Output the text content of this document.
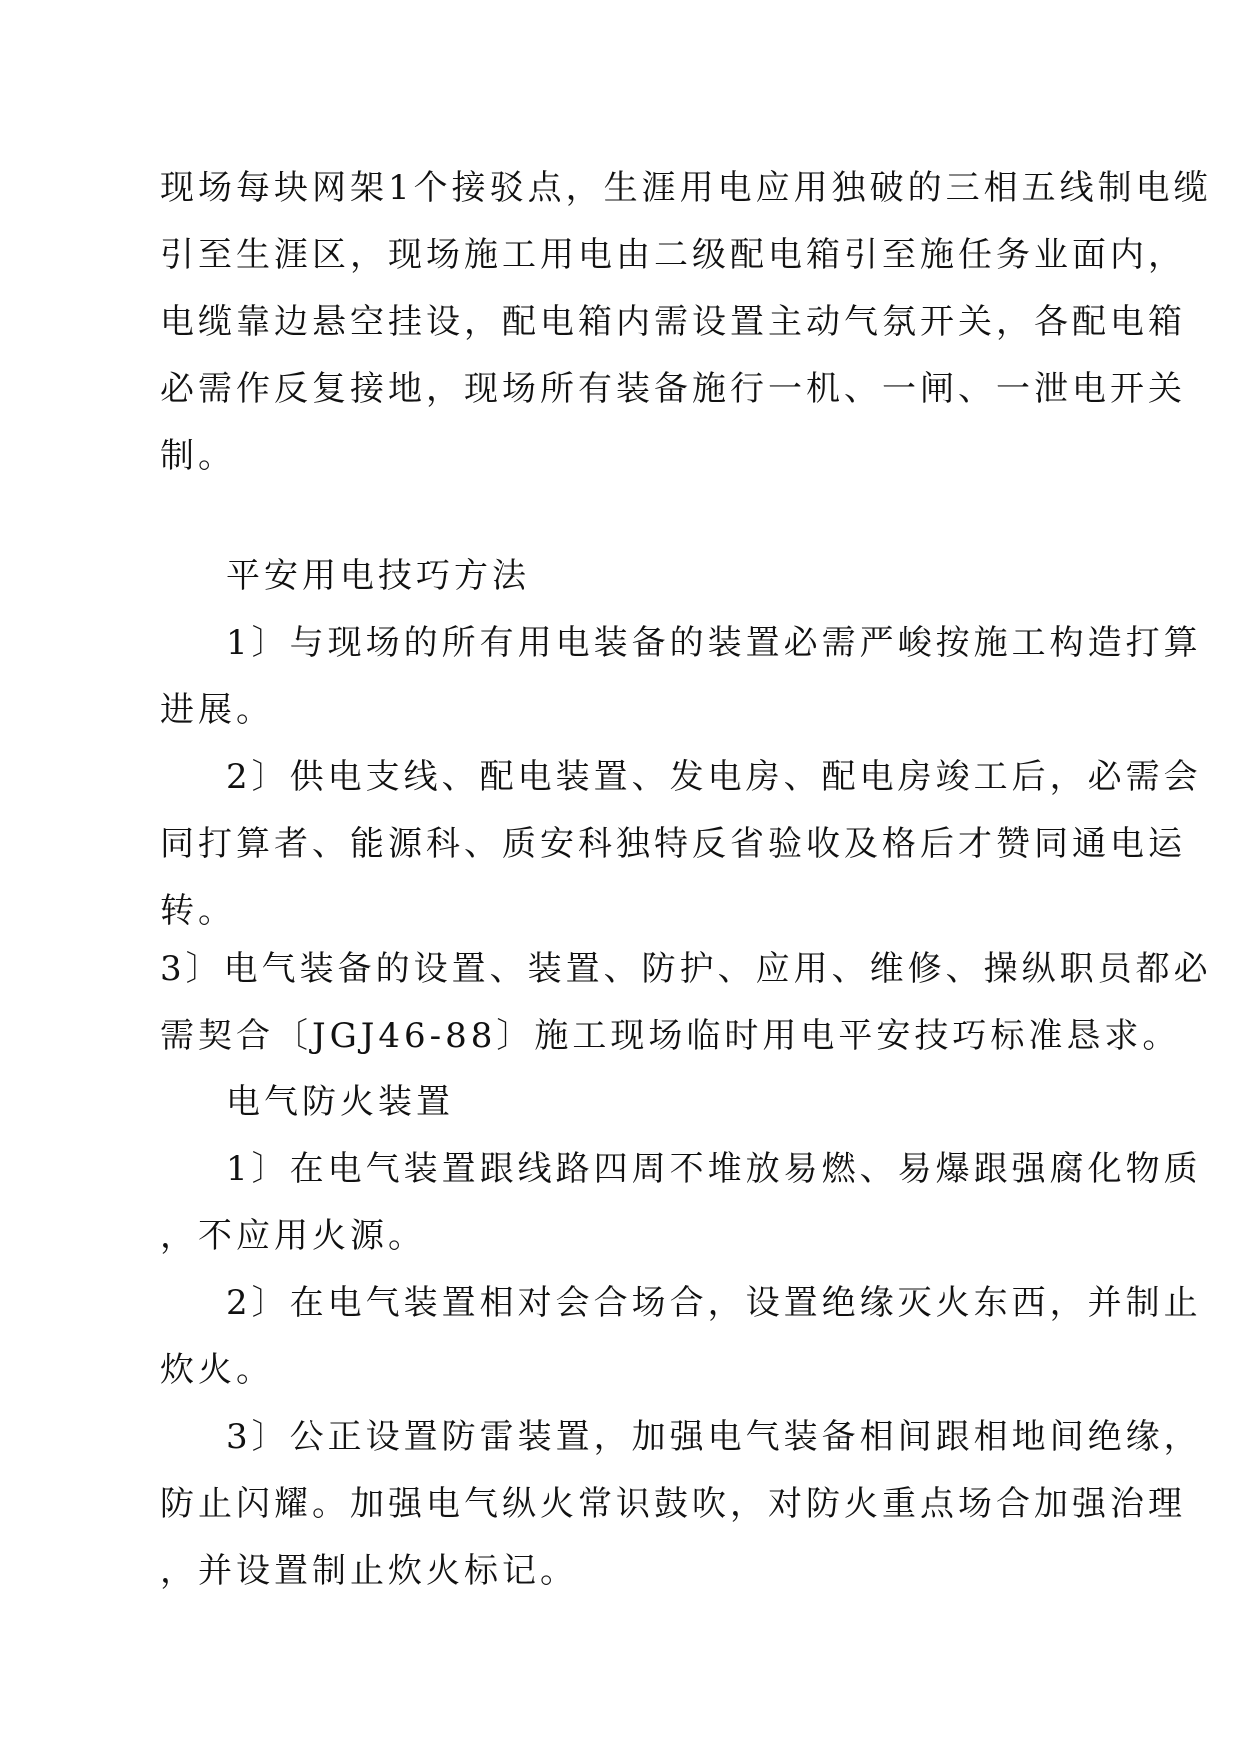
现场每块网架1个接驳点，生涯用电应用独破的三相五线制电缆
引至生涯区，现场施工用电由二级配电箱引至施任务业面内，
电缆靠边悬空挂设，配电箱内需设置主动气氛开关，各配电箱
必需作反复接地，现场所有装备施行一机、一闸、一泄电开关
制。
平安用电技巧方法
1〕与现场的所有用电装备的装置必需严峻按施工构造打算
进展。
2〕供电支线、配电装置、发电房、配电房竣工后，必需会
同打算者、能源科、质安科独特反省验收及格后才赞同通电运
转。
3〕电气装备的设置、装置、防护、应用、维修、操纵职员都必
需契合〔JGJ46-88〕施工现场临时用电平安技巧标准恳求。
电气防火装置
1〕在电气装置跟线路四周不堆放易燃、易爆跟强腐化物质
，不应用火源。
2〕在电气装置相对会合场合，设置绝缘灭火东西，并制止
炊火。
3〕公正设置防雷装置，加强电气装备相间跟相地间绝缘，
防止闪耀。加强电气纵火常识鼓吹，对防火重点场合加强治理
，并设置制止炊火标记。
